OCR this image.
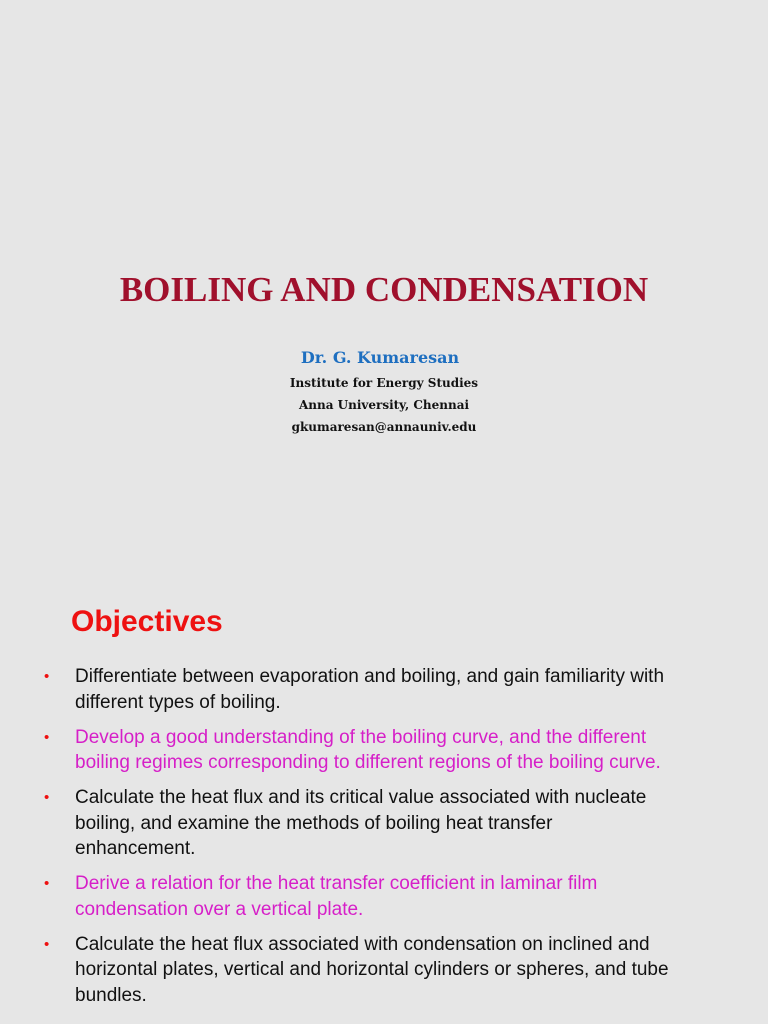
BOILING AND CONDENSATION
Dr. G. Kumaresan
Institute for Energy Studies
Anna University, Chennai
gkumaresan@annauniv.edu
Objectives
• Differentiate between evaporation and boiling, and gain familiarity with different types of boiling.
• Develop a good understanding of the boiling curve, and the different boiling regimes corresponding to different regions of the boiling curve.
• Calculate the heat flux and its critical value associated with nucleate boiling, and examine the methods of boiling heat transfer enhancement.
• Derive a relation for the heat transfer coefficient in laminar film condensation over a vertical plate.
• Calculate the heat flux associated with condensation on inclined and horizontal plates, vertical and horizontal cylinders or spheres, and tube bundles.
